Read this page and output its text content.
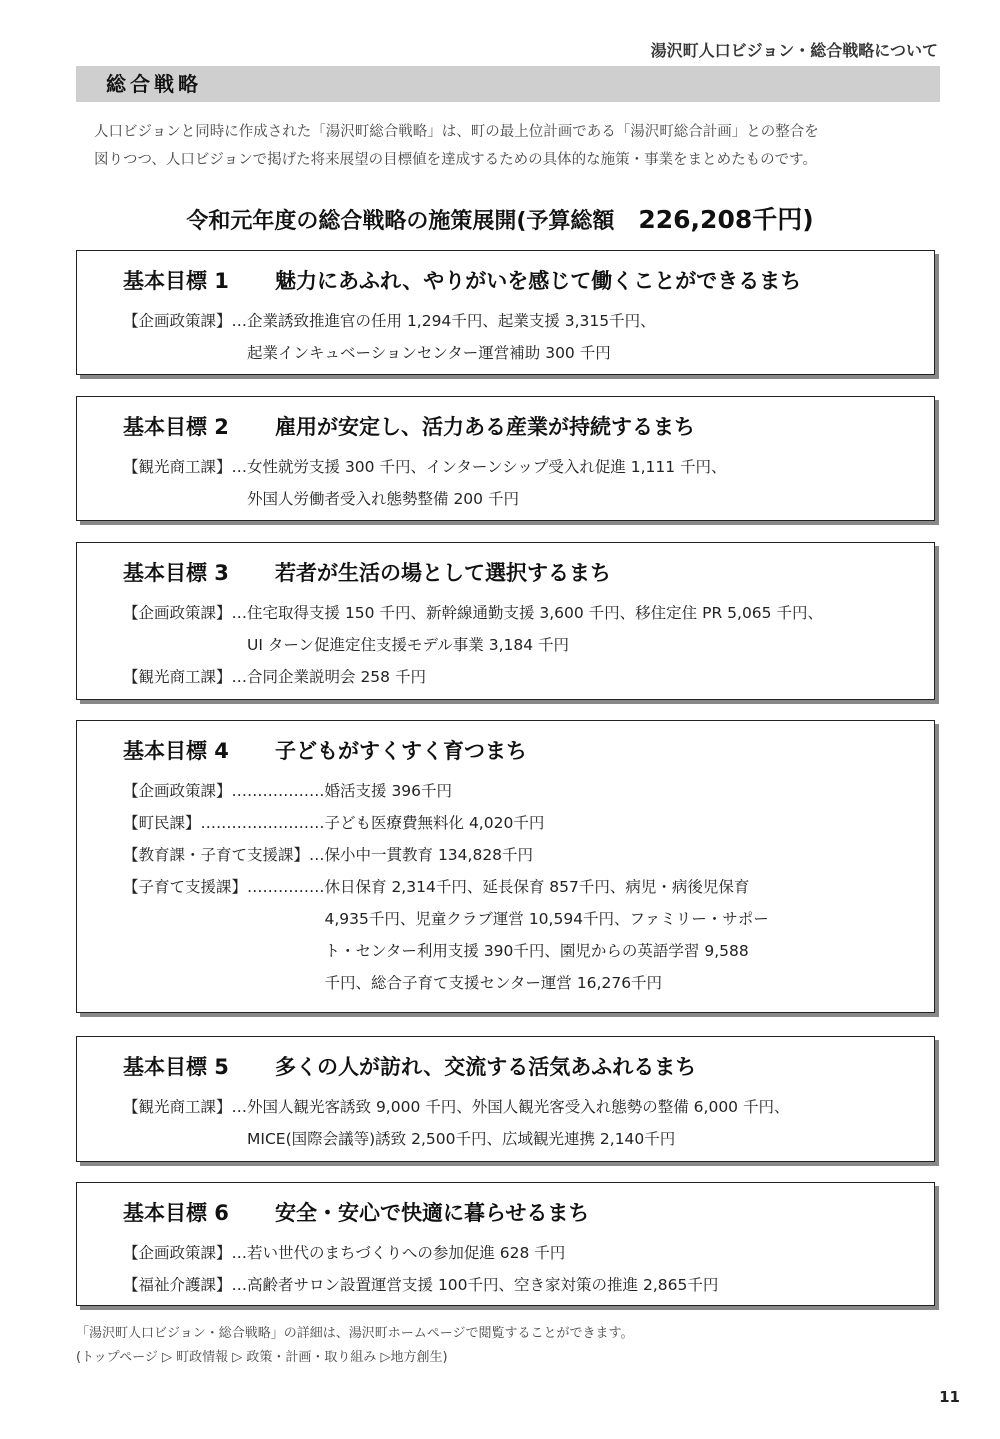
湯沢町人口ビジョン・総合戦略について
総合戦略

人口ビジョンと同時に作成された「湯沢町総合戦略」は、町の最上位計画である「湯沢町総合計画」との整合を

図りつつ、人口ビジョンで掲げた将来展望の目標値を達成するための具体的な施策・事業をまとめたものです。

令和元年度の総合戦略の施策展開(予算総額 226,208千円)
基本目標 1 魅力にあふれ、やりがいを感じて働くことができるまち
【企画政策課】… 企業誘致推進官の任用 1,294千円、起業支援 3,315千円、
起業インキュベーションセンター運営補助 300 千円
基本目標 2 雇用が安定し、活力ある産業が持続するまち
【観光商工課】… 女性就労支援 300 千円、インターンシップ受入れ促進 1,111 千円、
外国人労働者受入れ態勢整備 200 千円
基本目標 3 若者が生活の場として選択するまち
【企画政策課】… 住宅取得支援 150 千円、新幹線通勤支援 3,600 千円、移住定住 PR 5,065 千円、
UI ターン促進定住支援モデル事業 3,184 千円
【観光商工課】… 合同企業説明会 258 千円
基本目標 4 子どもがすくすく育つまち
【企画政策課】……………… 婚活支援 396千円
【町民課】…………………… 子ども医療費無料化 4,020千円
【教育課・子育て支援課】… 保小中一貫教育 134,828千円
【子育て支援課】…………… 休日保育 2,314千円、延長保育 857千円、病児・病後児保育
4,935千円、児童クラブ運営 10,594千円、ファミリー・サポー
ト・センター利用支援 390千円、園児からの英語学習 9,588
千円、総合子育て支援センター運営 16,276千円
基本目標 5 多くの人が訪れ、交流する活気あふれるまち
【観光商工課】… 外国人観光客誘致 9,000 千円、外国人観光客受入れ態勢の整備 6,000 千円、
MICE(国際会議等)誘致 2,500千円、広域観光連携 2,140千円
基本目標 6 安全・安心で快適に暮らせるまち
【企画政策課】… 若い世代のまちづくりへの参加促進 628 千円
【福祉介護課】… 高齢者サロン設置運営支援 100千円、空き家対策の推進 2,865千円

「湯沢町人口ビジョン・総合戦略」の詳細は、湯沢町ホームページで閲覧することができます。

(トップページ ▷ 町政情報 ▷ 政策・計画・取り組み ▷地方創生)

11
